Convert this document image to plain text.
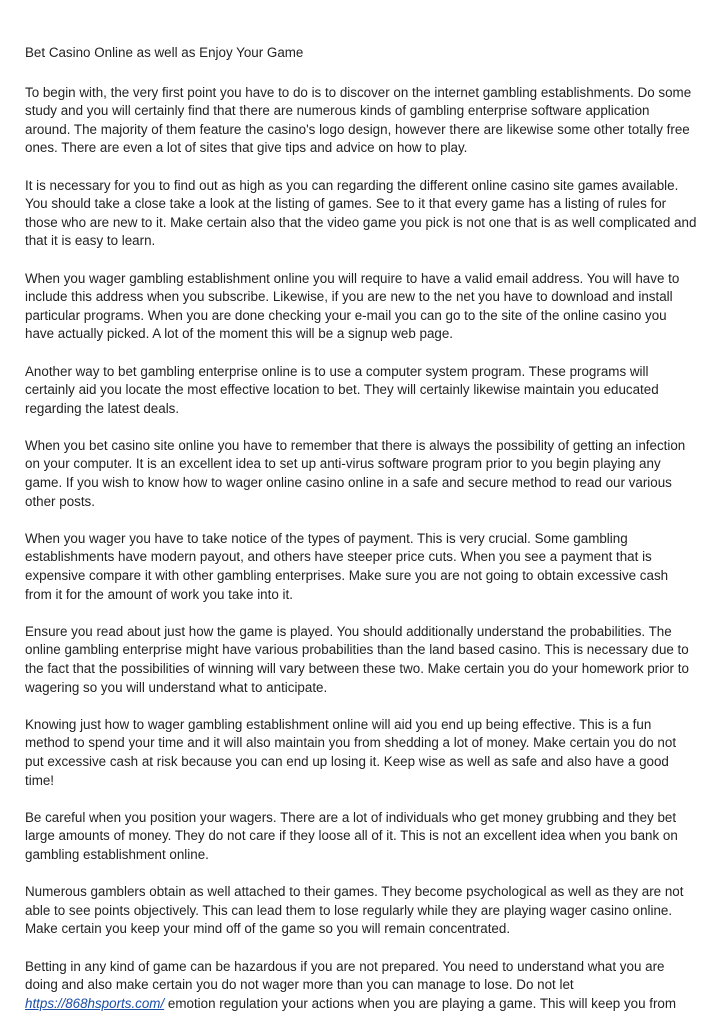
Bet Casino Online as well as Enjoy Your Game

To begin with, the very first point you have to do is to discover on the internet gambling establishments. Do some study and you will certainly find that there are numerous kinds of gambling enterprise software application around. The majority of them feature the casino's logo design, however there are likewise some other totally free ones. There are even a lot of sites that give tips and advice on how to play.

It is necessary for you to find out as high as you can regarding the different online casino site games available. You should take a close take a look at the listing of games. See to it that every game has a listing of rules for those who are new to it. Make certain also that the video game you pick is not one that is as well complicated and that it is easy to learn.

When you wager gambling establishment online you will require to have a valid email address. You will have to include this address when you subscribe. Likewise, if you are new to the net you have to download and install particular programs. When you are done checking your e-mail you can go to the site of the online casino you have actually picked. A lot of the moment this will be a signup web page.

Another way to bet gambling enterprise online is to use a computer system program. These programs will certainly aid you locate the most effective location to bet. They will certainly likewise maintain you educated regarding the latest deals.

When you bet casino site online you have to remember that there is always the possibility of getting an infection on your computer. It is an excellent idea to set up anti-virus software program prior to you begin playing any game. If you wish to know how to wager online casino online in a safe and secure method to read our various other posts.

When you wager you have to take notice of the types of payment. This is very crucial. Some gambling establishments have modern payout, and others have steeper price cuts. When you see a payment that is expensive compare it with other gambling enterprises. Make sure you are not going to obtain excessive cash from it for the amount of work you take into it.

Ensure you read about just how the game is played. You should additionally understand the probabilities. The online gambling enterprise might have various probabilities than the land based casino. This is necessary due to the fact that the possibilities of winning will vary between these two. Make certain you do your homework prior to wagering so you will understand what to anticipate.

Knowing just how to wager gambling establishment online will aid you end up being effective. This is a fun method to spend your time and it will also maintain you from shedding a lot of money. Make certain you do not put excessive cash at risk because you can end up losing it. Keep wise as well as safe and also have a good time!

Be careful when you position your wagers. There are a lot of individuals who get money grubbing and they bet large amounts of money. They do not care if they loose all of it. This is not an excellent idea when you bank on gambling establishment online.

Numerous gamblers obtain as well attached to their games. They become psychological as well as they are not able to see points objectively. This can lead them to lose regularly while they are playing wager casino online. Make certain you keep your mind off of the game so you will remain concentrated.

Betting in any kind of game can be hazardous if you are not prepared. You need to understand what you are doing and also make certain you do not wager more than you can manage to lose. Do not let https://868hsports.com/ emotion regulation your actions when you are playing a game. This will keep you from
